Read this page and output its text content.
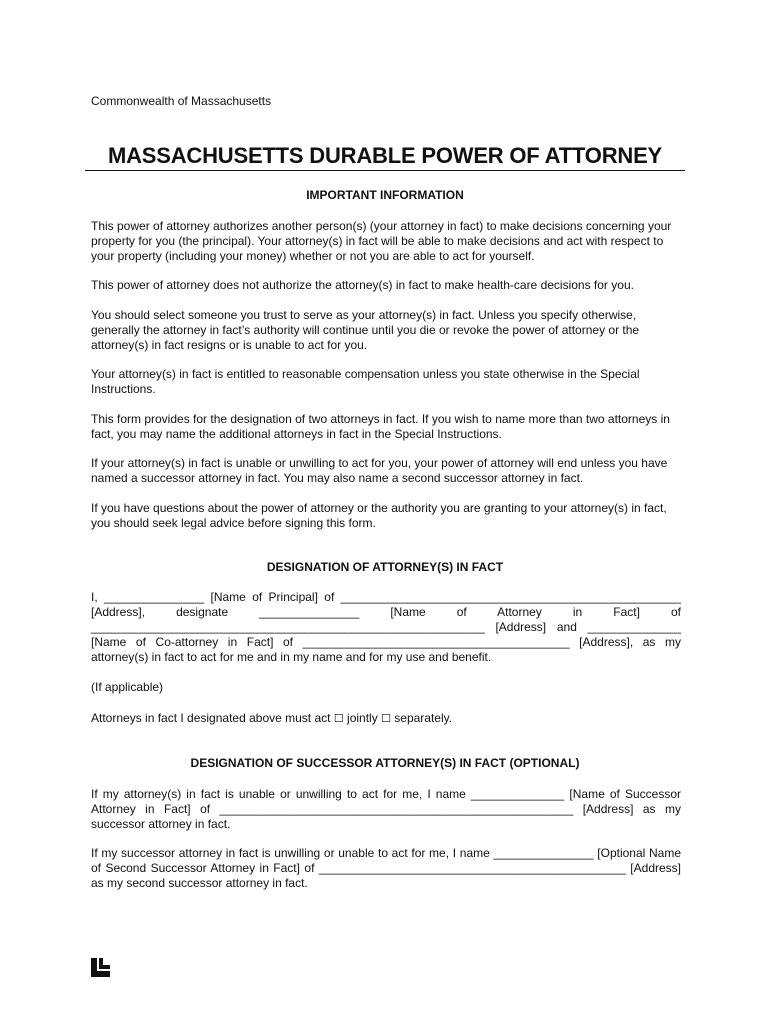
Commonwealth of Massachusetts
MASSACHUSETTS DURABLE POWER OF ATTORNEY
IMPORTANT INFORMATION

This power of attorney authorizes another person(s) (your attorney in fact) to make decisions concerning your property for you (the principal). Your attorney(s) in fact will be able to make decisions and act with respect to your property (including your money) whether or not you are able to act for yourself.

This power of attorney does not authorize the attorney(s) in fact to make health-care decisions for you.

You should select someone you trust to serve as your attorney(s) in fact. Unless you specify otherwise, generally the attorney in fact’s authority will continue until you die or revoke the power of attorney or the attorney(s) in fact resigns or is unable to act for you.

Your attorney(s) in fact is entitled to reasonable compensation unless you state otherwise in the Special Instructions.

This form provides for the designation of two attorneys in fact. If you wish to name more than two attorneys in fact, you may name the additional attorneys in fact in the Special Instructions.

If your attorney(s) in fact is unable or unwilling to act for you, your power of attorney will end unless you have named a successor attorney in fact. You may also name a second successor attorney in fact.

If you have questions about the power of attorney or the authority you are granting to your attorney(s) in fact, you should seek legal advice before signing this form.

DESIGNATION OF ATTORNEY(S) IN FACT

I, _______________ [Name of Principal] of ___________________________________________________ [Address], designate _______________ [Name of Attorney in Fact] of ___________________________________________________________ [Address] and ______________ [Name of Co-attorney in Fact] of ________________________________________ [Address], as my attorney(s) in fact to act for me and in my name and for my use and benefit.

(If applicable)

Attorneys in fact I designated above must act ☐ jointly ☐ separately.

DESIGNATION OF SUCCESSOR ATTORNEY(S) IN FACT (OPTIONAL)

If my attorney(s) in fact is unable or unwilling to act for me, I name ______________ [Name of Successor Attorney in Fact] of _____________________________________________________ [Address] as my successor attorney in fact.

If my successor attorney in fact is unwilling or unable to act for me, I name _______________ [Optional Name of Second Successor Attorney in Fact] of ______________________________________________ [Address] as my second successor attorney in fact.
